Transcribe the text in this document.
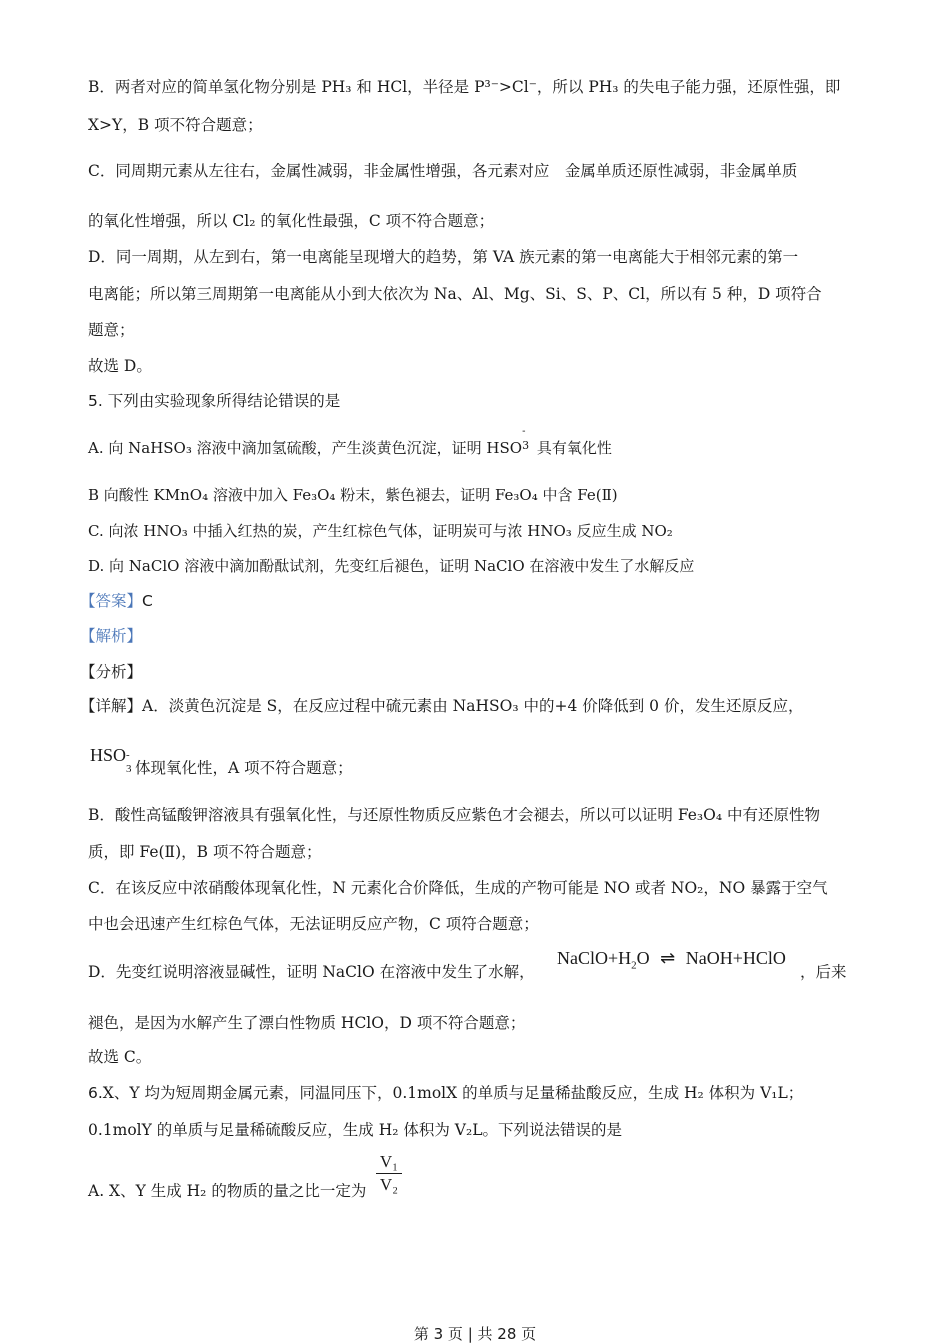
B．两者对应的简单氢化物分别是 PH₃ 和 HCl，半径是 P³⁻>Cl⁻，所以 PH₃ 的失电子能力强，还原性强，即
X>Y，B 项不符合题意；
C．同周期元素从左往右，金属性减弱，非金属性增强，各元素对应　金属单质还原性减弱，非金属单质
的氧化性增强，所以 Cl₂ 的氧化性最强，C 项不符合题意；
D．同一周期，从左到右，第一电离能呈现增大的趋势，第 VA 族元素的第一电离能大于相邻元素的第一
电离能；所以第三周期第一电离能从小到大依次为 Na、Al、Mg、Si、S、P、Cl，所以有 5 种，D 项符合
题意；
故选 D。
5. 下列由实验现象所得结论错误的是
A. 向 NaHSO₃ 溶液中滴加氢硫酸，产生淡黄色沉淀，证明 HSO
-
3 具有氧化性
B 向酸性 KMnO₄ 溶液中加入 Fe₃O₄ 粉末，紫色褪去，证明 Fe₃O₄ 中含 Fe(Ⅱ)
C. 向浓 HNO₃ 中插入红热的炭，产生红棕色气体，证明炭可与浓 HNO₃ 反应生成 NO₂
D. 向 NaClO 溶液中滴加酚酞试剂，先变红后褪色，证明 NaClO 在溶液中发生了水解反应
【答案】C
【解析】
【分析】
【详解】A．淡黄色沉淀是 S，在反应过程中硫元素由 NaHSO₃ 中的+4 价降低到 0 价，发生还原反应，
HSO -
3 体现氧化性，A 项不符合题意；
B．酸性高锰酸钾溶液具有强氧化性，与还原性物质反应紫色才会褪去，所以可以证明 Fe₃O₄ 中有还原性物
质，即 Fe(Ⅱ)，B 项不符合题意；
C．在该反应中浓硝酸体现氧化性，N 元素化合价降低，生成的产物可能是 NO 或者 NO₂，NO 暴露于空气
中也会迅速产生红棕色气体，无法证明反应产物，C 项符合题意；
D．先变红说明溶液显碱性，证明 NaClO 在溶液中发生了水解，
$NaClO+H_2O$ ⇌ NaOH+HClO
，后来
褪色，是因为水解产生了漂白性物质 HClO，D 项不符合题意；
故选 C。
6.X、Y 均为短周期金属元素，同温同压下，0.1molX 的单质与足量稀盐酸反应，生成 H₂ 体积为 V₁L；
0.1molY 的单质与足量稀硫酸反应，生成 H₂ 体积为 V₂L。下列说法错误的是
A. X、Y 生成 H₂ 的物质的量之比一定为
V₁
V₂
第 3 页 | 共 28 页
